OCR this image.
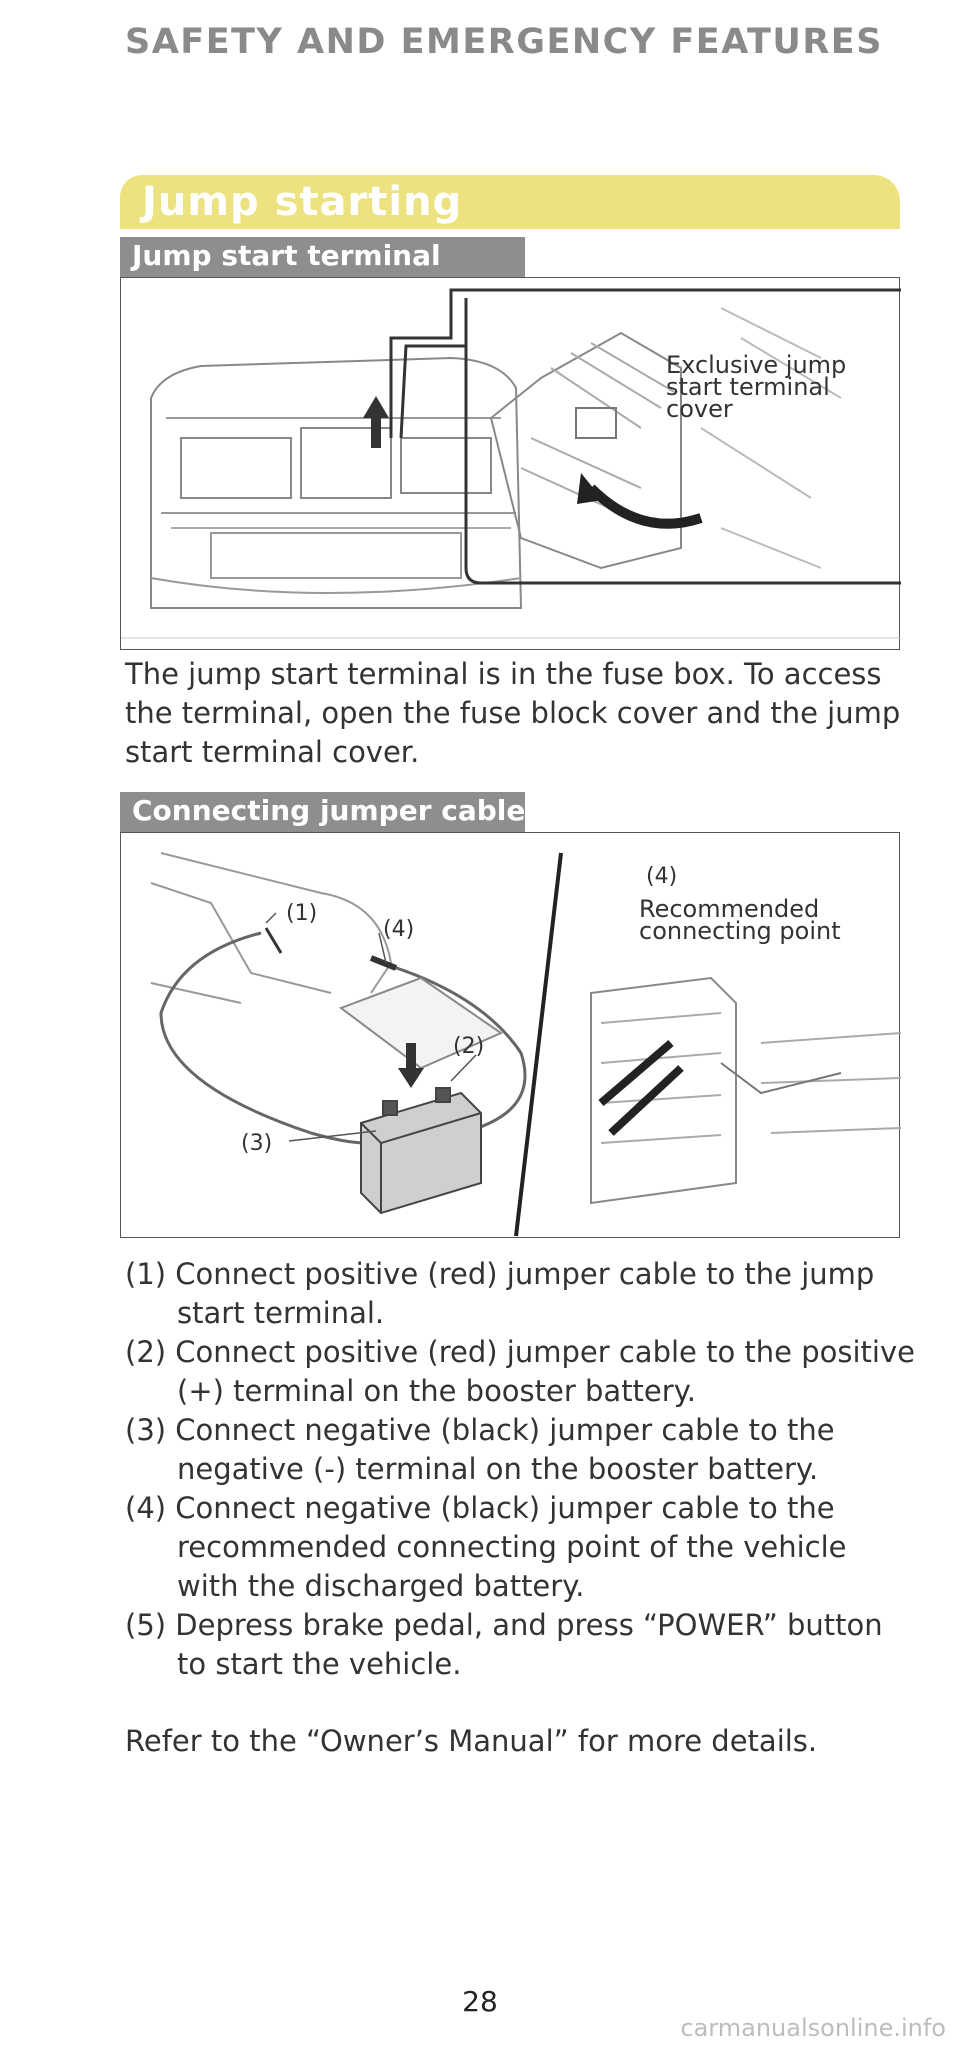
SAFETY AND EMERGENCY FEATURES
Jump starting
Jump start terminal
Exclusive jump
start terminal
cover
The jump start terminal is in the fuse box. To access the terminal, open the fuse block cover and the jump start terminal cover.
Connecting jumper cables
(1)
(4)
(2)
(3)
(4)
Recommended
connecting point
(1) Connect positive (red) jumper cable to the jump start terminal.
(2) Connect positive (red) jumper cable to the positive (+) terminal on the booster battery.
(3) Connect negative (black) jumper cable to the negative (-) terminal on the booster battery.
(4) Connect negative (black) jumper cable to the recommended connecting point of the vehicle with the discharged battery.
(5) Depress brake pedal, and press “POWER” button to start the vehicle.
Refer to the “Owner’s Manual” for more details.
28
carmanualsonline.info
